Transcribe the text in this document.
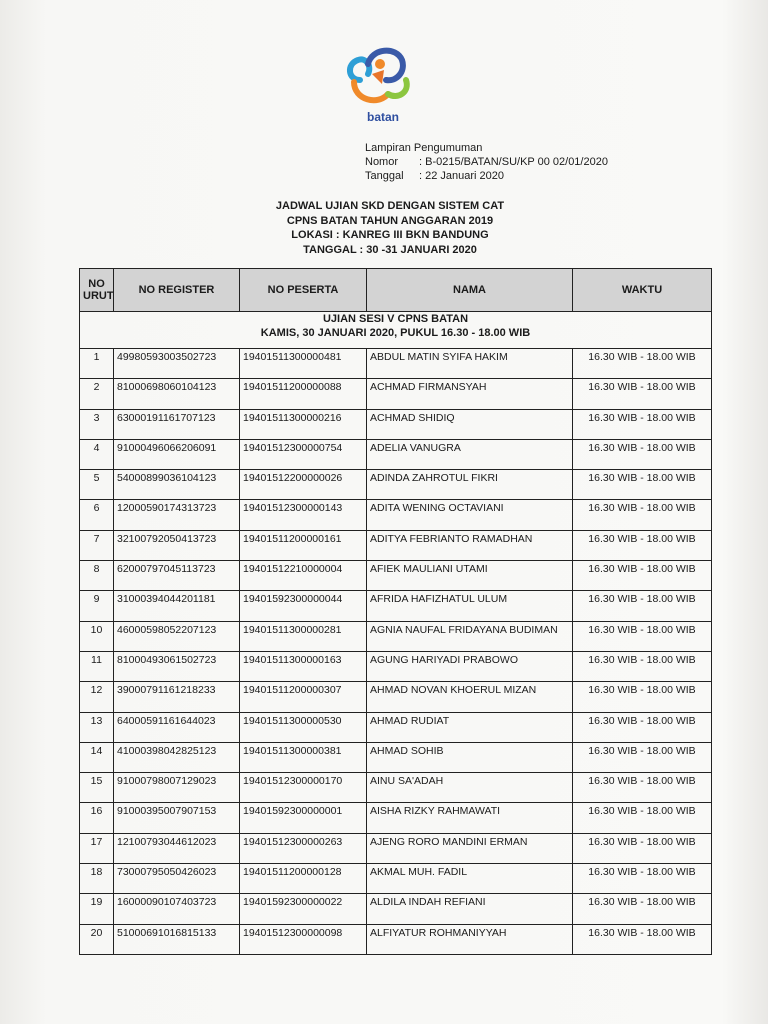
batan
Lampiran Pengumuman
Nomor : B-0215/BATAN/SU/KP 00 02/01/2020
Tanggal : 22 Januari 2020
JADWAL UJIAN SKD DENGAN SISTEM CAT
CPNS BATAN TAHUN ANGGARAN 2019
LOKASI : KANREG III BKN BANDUNG
TANGGAL : 30 -31 JANUARI 2020
NO URUT	NO REGISTER	NO PESERTA	NAMA	WAKTU

UJIAN SESI V CPNS BATAN
KAMIS, 30 JANUARI 2020, PUKUL 16.30 - 18.00 WIB				

1	49980593003502723	19401511300000481	ABDUL MATIN SYIFA HAKIM	16.30 WIB - 18.00 WIB
2	81000698060104123	19401511200000088	ACHMAD FIRMANSYAH	16.30 WIB - 18.00 WIB
3	63000191161707123	19401511300000216	ACHMAD SHIDIQ	16.30 WIB - 18.00 WIB
4	91000496066206091	19401512300000754	ADELIA VANUGRA	16.30 WIB - 18.00 WIB
5	54000899036104123	19401512200000026	ADINDA ZAHROTUL FIKRI	16.30 WIB - 18.00 WIB
6	12000590174313723	19401512300000143	ADITA WENING OCTAVIANI	16.30 WIB - 18.00 WIB
7	32100792050413723	19401511200000161	ADITYA FEBRIANTO RAMADHAN	16.30 WIB - 18.00 WIB
8	62000797045113723	19401512210000004	AFIEK MAULIANI UTAMI	16.30 WIB - 18.00 WIB
9	31000394044201181	19401592300000044	AFRIDA HAFIZHATUL ULUM	16.30 WIB - 18.00 WIB
10	46000598052207123	19401511300000281	AGNIA NAUFAL FRIDAYANA BUDIMAN	16.30 WIB - 18.00 WIB
11	81000493061502723	19401511300000163	AGUNG HARIYADI PRABOWO	16.30 WIB - 18.00 WIB
12	39000791161218233	19401511200000307	AHMAD NOVAN KHOERUL MIZAN	16.30 WIB - 18.00 WIB
13	64000591161644023	19401511300000530	AHMAD RUDIAT	16.30 WIB - 18.00 WIB
14	41000398042825123	19401511300000381	AHMAD SOHIB	16.30 WIB - 18.00 WIB
15	91000798007129023	19401512300000170	AINU SA'ADAH	16.30 WIB - 18.00 WIB
16	91000395007907153	19401592300000001	AISHA RIZKY RAHMAWATI	16.30 WIB - 18.00 WIB
17	12100793044612023	19401512300000263	AJENG RORO MANDINI ERMAN	16.30 WIB - 18.00 WIB
18	73000795050426023	19401511200000128	AKMAL MUH. FADIL	16.30 WIB - 18.00 WIB
19	16000090107403723	19401592300000022	ALDILA INDAH REFIANI	16.30 WIB - 18.00 WIB
20	51000691016815133	19401512300000098	ALFIYATUR ROHMANIYYAH	16.30 WIB - 18.00 WIB
